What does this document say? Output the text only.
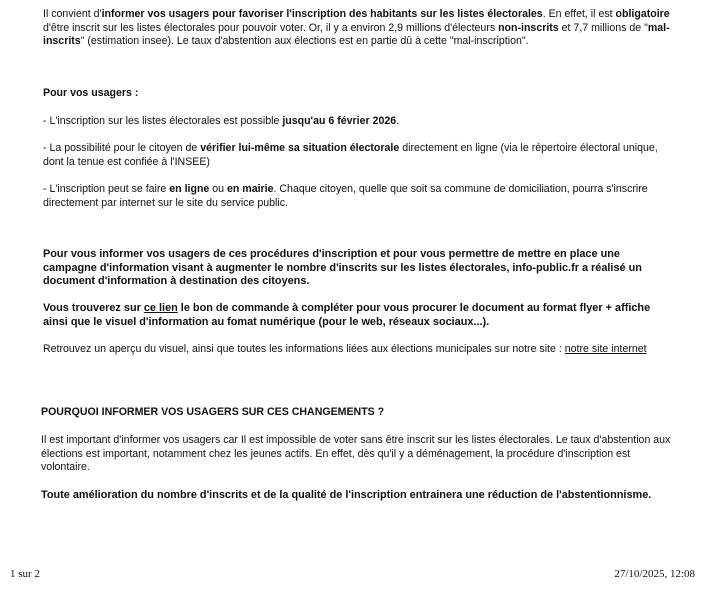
Il convient d'informer vos usagers pour favoriser l'inscription des habitants sur les listes électorales. En effet, il est obligatoire d'être inscrit sur les listes électorales pour pouvoir voter. Or, il y a environ 2,9 millions d'électeurs non-inscrits et 7,7 millions de "mal-inscrits" (estimation insee). Le taux d'abstention aux élections est en partie dû à cette "mal-inscription".

Pour vos usagers :

- L'inscription sur les listes électorales est possible jusqu'au 6 février 2026.

- La possibilité pour le citoyen de vérifier lui-même sa situation électorale directement en ligne (via le répertoire électoral unique, dont la tenue est confiée à l'INSEE)

- L'inscription peut se faire en ligne ou en mairie. Chaque citoyen, quelle que soit sa commune de domiciliation, pourra s'inscrire directement par internet sur le site du service public.

Pour vous informer vos usagers de ces procédures d'inscription et pour vous permettre de mettre en place une campagne d'information visant à augmenter le nombre d'inscrits sur les listes électorales, info-public.fr a réalisé un document d'information à destination des citoyens.

Vous trouverez sur ce lien le bon de commande à compléter pour vous procurer le document au format flyer + affiche ainsi que le visuel d'information au fomat numérique (pour le web, réseaux sociaux...).

Retrouvez un aperçu du visuel, ainsi que toutes les informations liées aux élections municipales sur notre site : notre site internet

POURQUOI INFORMER VOS USAGERS SUR CES CHANGEMENTS ?

Il est important d'informer vos usagers car Il est impossible de voter sans être inscrit sur les listes électorales. Le taux d'abstention aux élections est important, notamment chez les jeunes actifs. En effet, dès qu'il y a déménagement, la procédure d'inscription est volontaire.

Toute amélioration du nombre d'inscrits et de la qualité de l'inscription entrainera une réduction de l'abstentionnisme.

1 sur 2	27/10/2025, 12:08
